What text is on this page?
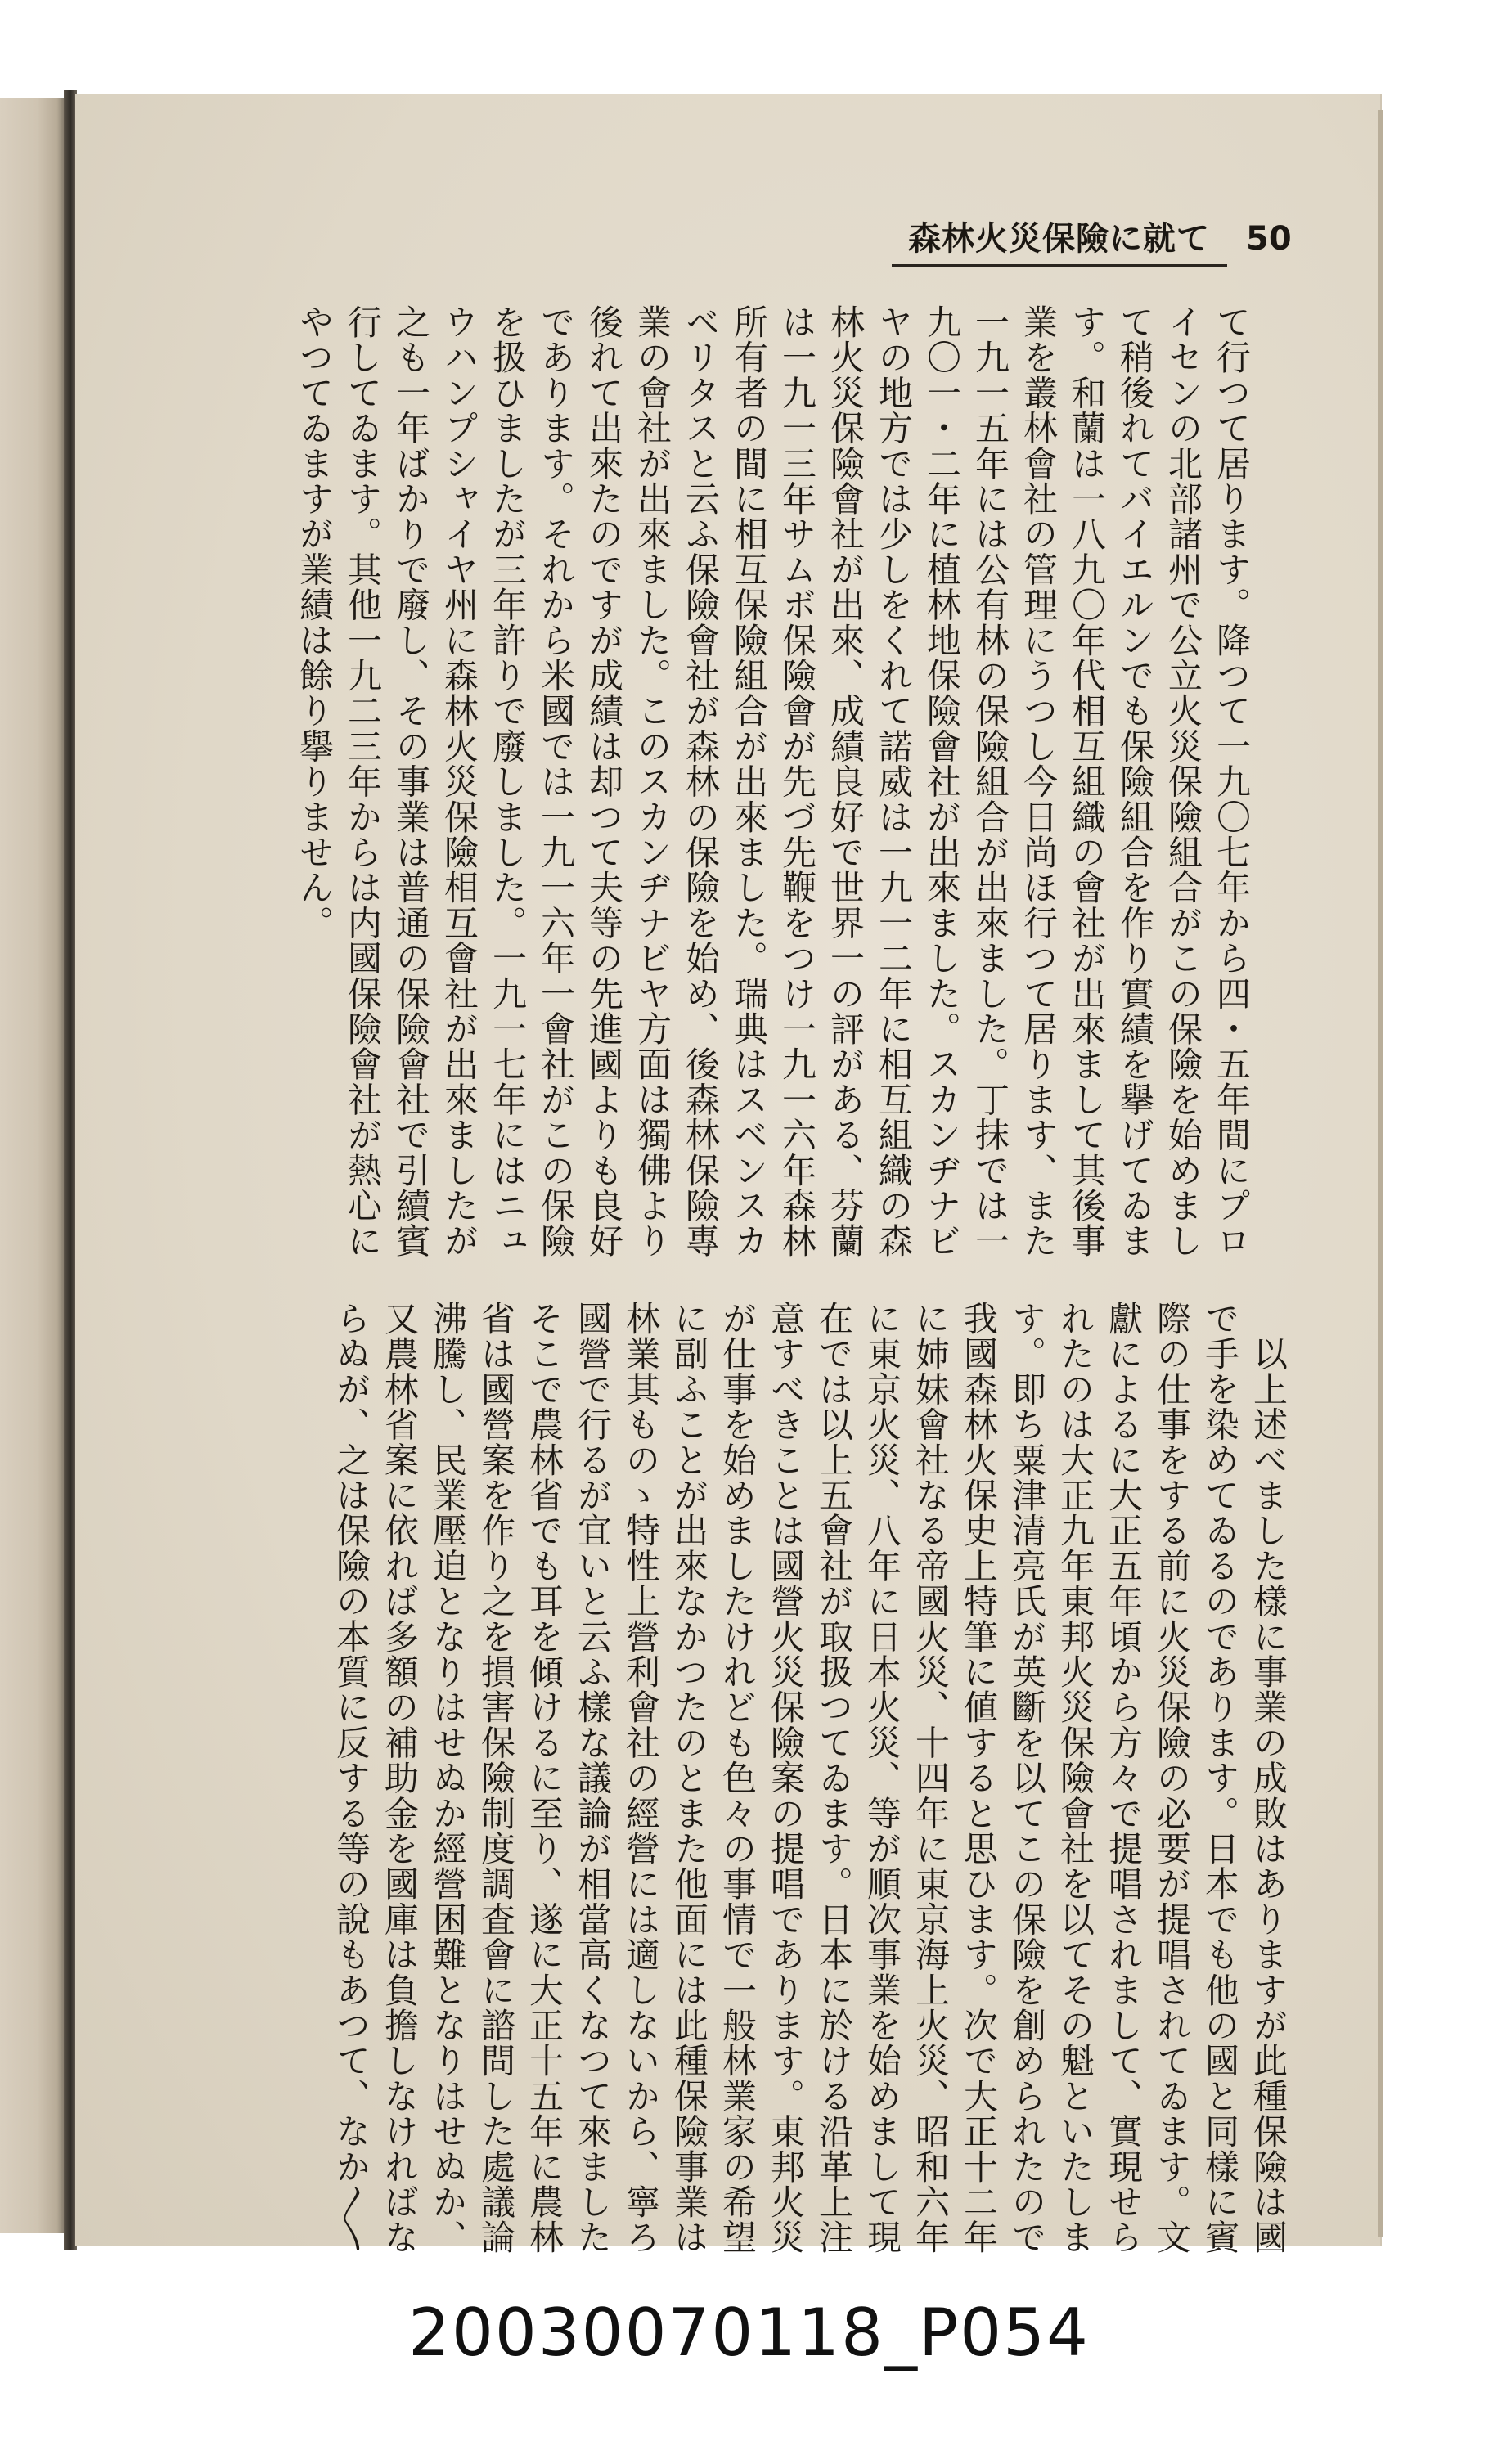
森林火災保險に就て 50
て行つて居ります。降つて一九〇七年から四・五年間にプロ
イセンの北部諸州で公立火災保險組合がこの保險を始めまし
て稍後れてバイエルンでも保險組合を作り實績を擧げてゐま
す。和蘭は一八九〇年代相互組織の會社が出來まして其後事
業を叢林會社の管理にうつし今日尚ほ行つて居ります、また
一九一五年には公有林の保險組合が出來ました。丁抹では一
九〇一・二年に植林地保險會社が出來ました。スカンヂナビ
ヤの地方では少しをくれて諾威は一九一二年に相互組織の森
林火災保險會社が出來、成績良好で世界一の評がある、芬蘭
は一九一三年サムボ保險會が先づ先鞭をつけ一九一六年森林
所有者の間に相互保險組合が出來ました。瑞典はスベンスカ
ベリタスと云ふ保險會社が森林の保險を始め、後森林保險專
業の會社が出來ました。このスカンヂナビヤ方面は獨佛より
後れて出來たのですが成績は却つて夫等の先進國よりも良好
であります。それから米國では一九一六年一會社がこの保險
を扱ひましたが三年許りで廢しました。一九一七年にはニュ
ウハンプシャイヤ州に森林火災保險相互會社が出來ましたが
之も一年ばかりで廢し、その事業は普通の保險會社で引續賓
行してゐます。其他一九二三年からは内國保險會社が熱心に
やつてゐますが業績は餘り擧りません。
　以上述べました樣に事業の成敗はありますが此種保險は國
で手を染めてゐるのであります。日本でも他の國と同樣に賓
際の仕事をする前に火災保險の必要が提唱されてゐます。文
獻によるに大正五年頃から方々で提唱されまして、實現せら
れたのは大正九年東邦火災保險會社を以てその魁といたしま
す。即ち粟津清亮氏が英斷を以てこの保險を創められたので
我國森林火保史上特筆に値すると思ひます。次で大正十二年
に姉妹會社なる帝國火災、十四年に東京海上火災、昭和六年
に東京火災、八年に日本火災、等が順次事業を始めまして現
在では以上五會社が取扱つてゐます。日本に於ける沿革上注
意すべきことは國營火災保險案の提唱であります。東邦火災
が仕事を始めましたけれども色々の事情で一般林業家の希望
に副ふことが出來なかつたのとまた他面には此種保險事業は
林業其ものゝ特性上營利會社の經營には適しないから、寧ろ
國營で行るが宜いと云ふ樣な議論が相當高くなつて來ました
そこで農林省でも耳を傾けるに至り、遂に大正十五年に農林
省は國營案を作り之を損害保險制度調査會に諮問した處議論
沸騰し、民業壓迫となりはせぬか經營困難となりはせぬか、
又農林省案に依れば多額の補助金を國庫は負擔しなければな
らぬが、之は保險の本質に反する等の說もあつて、なか〳〵
20030070118_P054
